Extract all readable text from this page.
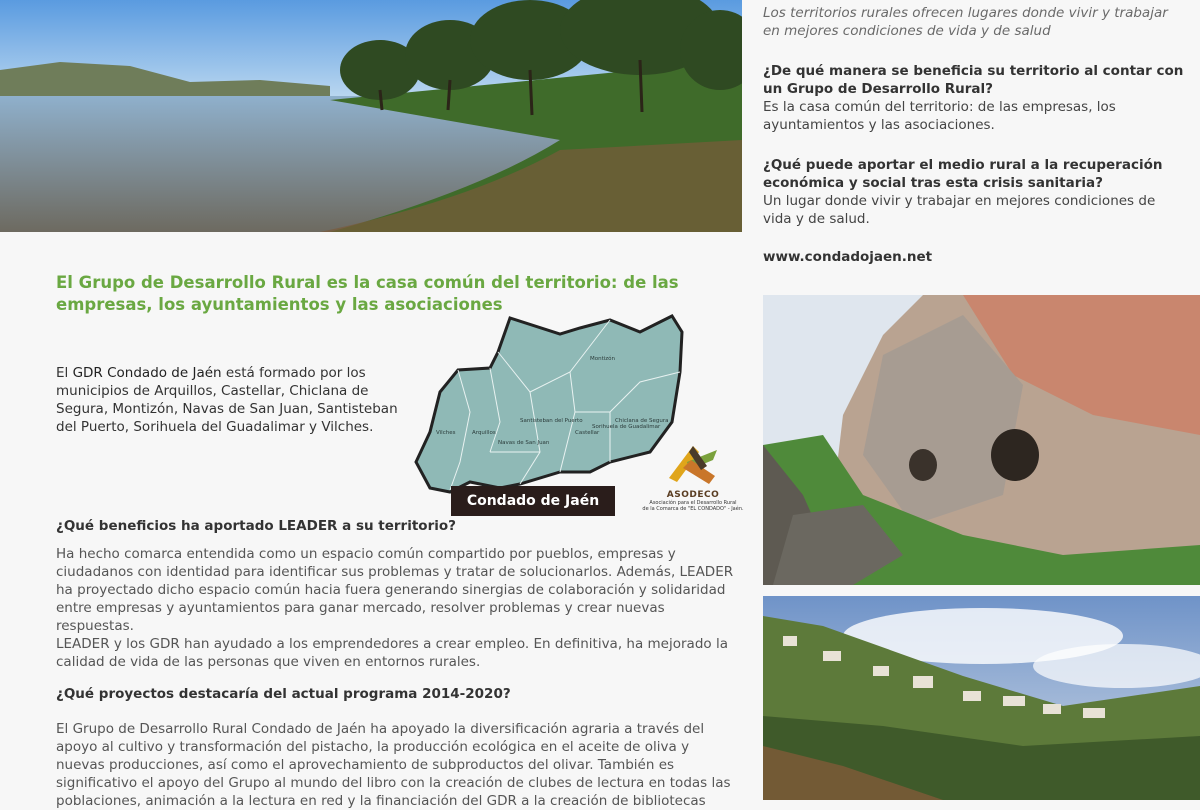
Los territorios rurales ofrecen lugares donde vivir y trabajar en mejores condiciones de vida y de salud

¿De qué manera se beneficia su territorio al contar con un Grupo de Desarrollo Rural?

Es la casa común del territorio: de las empresas, los ayuntamientos y las asociaciones.

¿Qué puede aportar el medio rural a la recuperación económica y social tras esta crisis sanitaria?

Un lugar donde vivir y trabajar en mejores condiciones de vida y de salud.

www.condadojaen.net

El Grupo de Desarrollo Rural es la casa común del territorio: de las empresas, los ayuntamientos y las asociaciones

El GDR Condado de Jaén está formado por los municipios de Arquillos, Castellar, Chiclana de Segura, Montizón, Navas de San Juan, Santisteban del Puerto, Sorihuela del Guadalimar y Vilches.

Montizón
Santisteban del Puerto	Chiclana de Segura
Castellar
Vilches	Arquillos
Navas de San Juan
Sorihuela de Guadalimar
Condado de Jaén	ASODECO
Asociación para el Desarrollo Rural
de la Comarca de "EL CONDADO" - Jaén.

¿Qué beneficios ha aportado LEADER a su territorio?

Ha hecho comarca entendida como un espacio común compartido por pueblos, empresas y ciudadanos con identidad para identificar sus problemas y tratar de solucionarlos. Además, LEADER ha proyectado dicho espacio común hacia fuera generando sinergias de colaboración y solidaridad entre empresas y ayuntamientos para ganar mercado, resolver problemas y crear nuevas respuestas.

LEADER y los GDR han ayudado a los emprendedores a crear empleo. En definitiva, ha mejorado la calidad de vida de las personas que viven en entornos rurales.

¿Qué proyectos destacaría del actual programa 2014-2020?

El Grupo de Desarrollo Rural Condado de Jaén ha apoyado la diversificación agraria a través del apoyo al cultivo y transformación del pistacho, la producción ecológica en el aceite de oliva y nuevas producciones, así como el aprovechamiento de subproductos del olivar. También es significativo el apoyo del Grupo al mundo del libro con la creación de clubes de lectura en todas las poblaciones, animación a la lectura en red y la financiación del GDR a la creación de bibliotecas
